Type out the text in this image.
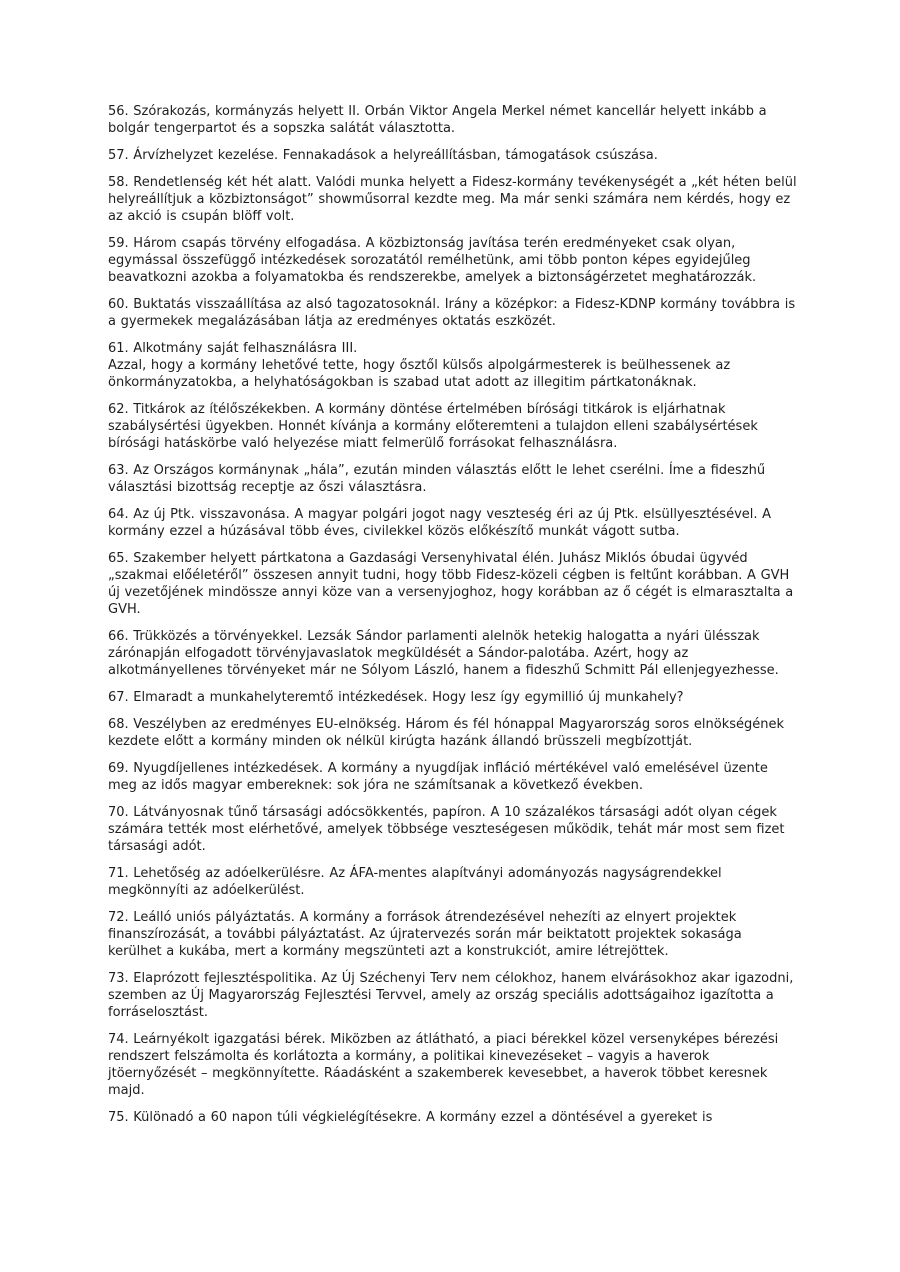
56. Szórakozás, kormányzás helyett II. Orbán Viktor Angela Merkel német kancellár helyett inkább a bolgár tengerpartot és a sopszka salátát választotta.

57. Árvízhelyzet kezelése. Fennakadások a helyreállításban, támogatások csúszása.

58. Rendetlenség két hét alatt. Valódi munka helyett a Fidesz-kormány tevékenységét a „két héten belül helyreállítjuk a közbiztonságot” showműsorral kezdte meg. Ma már senki számára nem kérdés, hogy ez az akció is csupán blöff volt.

59. Három csapás törvény elfogadása. A közbiztonság javítása terén eredményeket csak olyan, egymással összefüggő intézkedések sorozatától remélhetünk, ami több ponton képes egyidejűleg beavatkozni azokba a folyamatokba és rendszerekbe, amelyek a biztonságérzetet meghatározzák.

60. Buktatás visszaállítása az alsó tagozatosoknál. Irány a középkor: a Fidesz-KDNP kormány továbbra is a gyermekek megalázásában látja az eredményes oktatás eszközét.

61. Alkotmány saját felhasználásra III.
Azzal, hogy a kormány lehetővé tette, hogy ősztől külsős alpolgármesterek is beülhessenek az önkormányzatokba, a helyhatóságokban is szabad utat adott az illegitim pártkatonáknak.

62. Titkárok az ítélőszékekben. A kormány döntése értelmében bírósági titkárok is eljárhatnak szabálysértési ügyekben. Honnét kívánja a kormány előteremteni a tulajdon elleni szabálysértések bírósági hatáskörbe való helyezése miatt felmerülő forrásokat felhasználásra.

63. Az Országos kormánynak „hála”, ezután minden választás előtt le lehet cserélni. Íme a fideszhű választási bizottság receptje az őszi választásra.

64. Az új Ptk. visszavonása. A magyar polgári jogot nagy veszteség éri az új Ptk. elsüllyesztésével. A kormány ezzel a húzásával több éves, civilekkel közös előkészítő munkát vágott sutba.

65. Szakember helyett pártkatona a Gazdasági Versenyhivatal élén. Juhász Miklós óbudai ügyvéd „szakmai előéletéről” összesen annyit tudni, hogy több Fidesz-közeli cégben is feltűnt korábban. A GVH új vezetőjének mindössze annyi köze van a versenyjoghoz, hogy korábban az ő cégét is elmarasztalta a GVH.

66. Trükközés a törvényekkel. Lezsák Sándor parlamenti alelnök hetekig halogatta a nyári ülésszak zárónapján elfogadott törvényjavaslatok megküldését a Sándor-palotába. Azért, hogy az alkotmányellenes törvényeket már ne Sólyom László, hanem a fideszhű Schmitt Pál ellenjegyezhesse.

67. Elmaradt a munkahelyteremtő intézkedések. Hogy lesz így egymillió új munkahely?

68. Veszélyben az eredményes EU-elnökség. Három és fél hónappal Magyarország soros elnökségének kezdete előtt a kormány minden ok nélkül kirúgta hazánk állandó brüsszeli megbízottját.

69. Nyugdíjellenes intézkedések. A kormány a nyugdíjak infláció mértékével való emelésével üzente meg az idős magyar embereknek: sok jóra ne számítsanak a következő években.

70. Látványosnak tűnő társasági adócsökkentés, papíron. A 10 százalékos társasági adót olyan cégek számára tették most elérhetővé, amelyek többsége veszteségesen működik, tehát már most sem fizet társasági adót.

71. Lehetőség az adóelkerülésre. Az ÁFA-mentes alapítványi adományozás nagyságrendekkel megkönnyíti az adóelkerülést.

72. Leálló uniós pályáztatás. A kormány a források átrendezésével nehezíti az elnyert projektek finanszírozását, a további pályáztatást. Az újratervezés során már beiktatott projektek sokasága kerülhet a kukába, mert a kormány megszünteti azt a konstrukciót, amire létrejöttek.

73. Elaprózott fejlesztéspolitika. Az Új Széchenyi Terv nem célokhoz, hanem elvárásokhoz akar igazodni, szemben az Új Magyarország Fejlesztési Tervvel, amely az ország speciális adottságaihoz igazította a forráselosztást.

74. Leárnyékolt igazgatási bérek. Miközben az átlátható, a piaci bérekkel közel versenyképes bérezési rendszert felszámolta és korlátozta a kormány, a politikai kinevezéseket – vagyis a haverok jtöernyőzését – megkönnyítette. Ráadásként a szakemberek kevesebbet, a haverok többet keresnek majd.

75. Különadó a 60 napon túli végkielégítésekre. A kormány ezzel a döntésével a gyereket is
